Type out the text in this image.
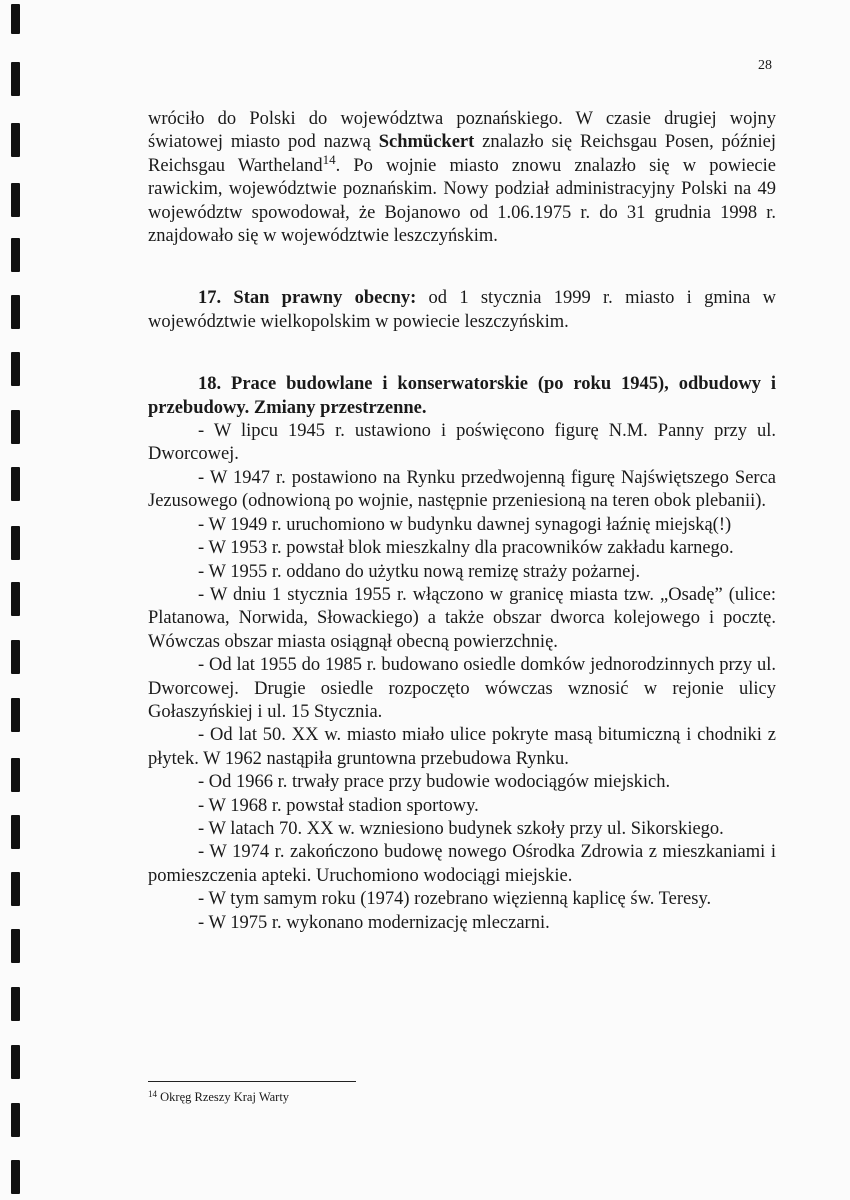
28

wróciło do Polski do województwa poznańskiego. W czasie drugiej wojny światowej miasto pod nazwą Schmückert znalazło się Reichsgau Posen, później Reichsgau Wartheland$^{14}$. Po wojnie miasto znowu znalazło się w powiecie rawickim, województwie poznańskim. Nowy podział administracyjny Polski na 49 województw spowodował, że Bojanowo od 1.06.1975 r. do 31 grudnia 1998 r. znajdowało się w województwie leszczyńskim.

17. Stan prawny obecny: od 1 stycznia 1999 r. miasto i gmina w województwie wielkopolskim w powiecie leszczyńskim.

18. Prace budowlane i konserwatorskie (po roku 1945), odbudowy i przebudowy. Zmiany przestrzenne.

- W lipcu 1945 r. ustawiono i poświęcono figurę N.M. Panny przy ul. Dworcowej.

- W 1947 r. postawiono na Rynku przedwojenną figurę Najświętszego Serca Jezusowego (odnowioną po wojnie, następnie przeniesioną na teren obok plebanii).

- W 1949 r. uruchomiono w budynku dawnej synagogi łaźnię miejską(!)

- W 1953 r. powstał blok mieszkalny dla pracowników zakładu karnego.

- W 1955 r. oddano do użytku nową remizę straży pożarnej.

- W dniu 1 stycznia 1955 r. włączono w granicę miasta tzw. „Osadę” (ulice: Platanowa, Norwida, Słowackiego) a także obszar dworca kolejowego i pocztę. Wówczas obszar miasta osiągnął obecną powierzchnię.

- Od lat 1955 do 1985 r. budowano osiedle domków jednorodzinnych przy ul. Dworcowej. Drugie osiedle rozpoczęto wówczas wznosić w rejonie ulicy Gołaszyńskiej i ul. 15 Stycznia.

- Od lat 50. XX w. miasto miało ulice pokryte masą bitumiczną i chodniki z płytek. W 1962 nastąpiła gruntowna przebudowa Rynku.

- Od 1966 r. trwały prace przy budowie wodociągów miejskich.

- W 1968 r. powstał stadion sportowy.

- W latach 70. XX w. wzniesiono budynek szkoły przy ul. Sikorskiego.

- W 1974 r. zakończono budowę nowego Ośrodka Zdrowia z mieszkaniami i pomieszczenia apteki. Uruchomiono wodociągi miejskie.

- W tym samym roku (1974) rozebrano więzienną kaplicę św. Teresy.

- W 1975 r. wykonano modernizację mleczarni.

$^{14}$ Okręg Rzeszy Kraj Warty
